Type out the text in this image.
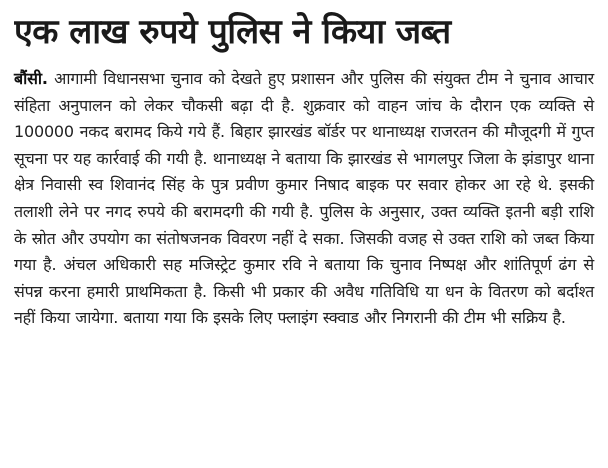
एक लाख रुपये पुलिस ने किया जब्त

बौंसी. आगामी विधानसभा चुनाव को देखते हुए प्रशासन और पुलिस की संयुक्त टीम ने चुनाव आचार संहिता अनुपालन को लेकर चौकसी बढ़ा दी है. शुक्रवार को वाहन जांच के दौरान एक व्यक्ति से 100000 नकद बरामद किये गये हैं. बिहार झारखंड बॉर्डर पर थानाध्यक्ष राजरतन की मौजूदगी में गुप्त सूचना पर यह कार्रवाई की गयी है. थानाध्यक्ष ने बताया कि झारखंड से भागलपुर जिला के झंडापुर थाना क्षेत्र निवासी स्व शिवानंद सिंह के पुत्र प्रवीण कुमार निषाद बाइक पर सवार होकर आ रहे थे. इसकी तलाशी लेने पर नगद रुपये की बरामदगी की गयी है. पुलिस के अनुसार, उक्त व्यक्ति इतनी बड़ी राशि के स्रोत और उपयोग का संतोषजनक विवरण नहीं दे सका. जिसकी वजह से उक्त राशि को जब्त किया गया है. अंचल अधिकारी सह मजिस्ट्रेट कुमार रवि ने बताया कि चुनाव निष्पक्ष और शांतिपूर्ण ढंग से संपन्न करना हमारी प्राथमिकता है. किसी भी प्रकार की अवैध गतिविधि या धन के वितरण को बर्दाश्त नहीं किया जायेगा. बताया गया कि इसके लिए फ्लाइंग स्क्वाड और निगरानी की टीम भी सक्रिय है.
